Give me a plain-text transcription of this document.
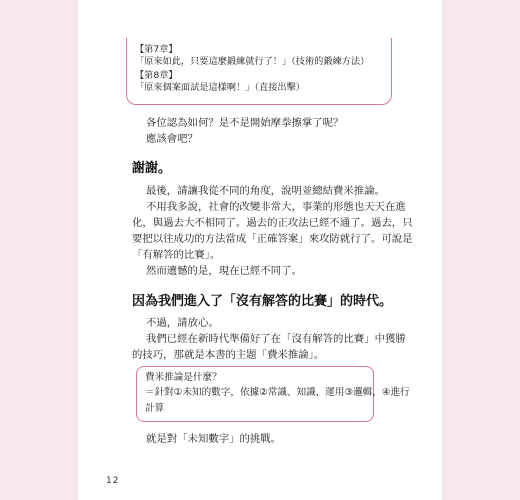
【第7章】
「原來如此，只要這麼鍛練就行了！」（技術的鍛練方法）
【第8章】
「原來個案面試是這樣啊！」（直接出擊）
各位認為如何？是不是開始摩拳擦掌了呢？
應該會吧？
謝謝。
最後，請讓我從不同的角度，說明並總結費米推論。
不用我多說，社會的改變非常大，事業的形態也天天在進
化，與過去大不相同了。過去的正攻法已經不通了。過去，只
要把以往成功的方法當成「正確答案」來攻防就行了。可說是
「有解答的比賽」。
然而遺憾的是，現在已經不同了。
因為我們進入了「沒有解答的比賽」的時代。
不過，請放心。
我們已經在新時代準備好了在「沒有解答的比賽」中獲勝
的技巧，那就是本書的主題「費米推論」。
費米推論是什麼？
＝針對①未知的數字，依據②常識、知識，運用③邏輯，④進行
計算
就是對「未知數字」的挑戰。
12
